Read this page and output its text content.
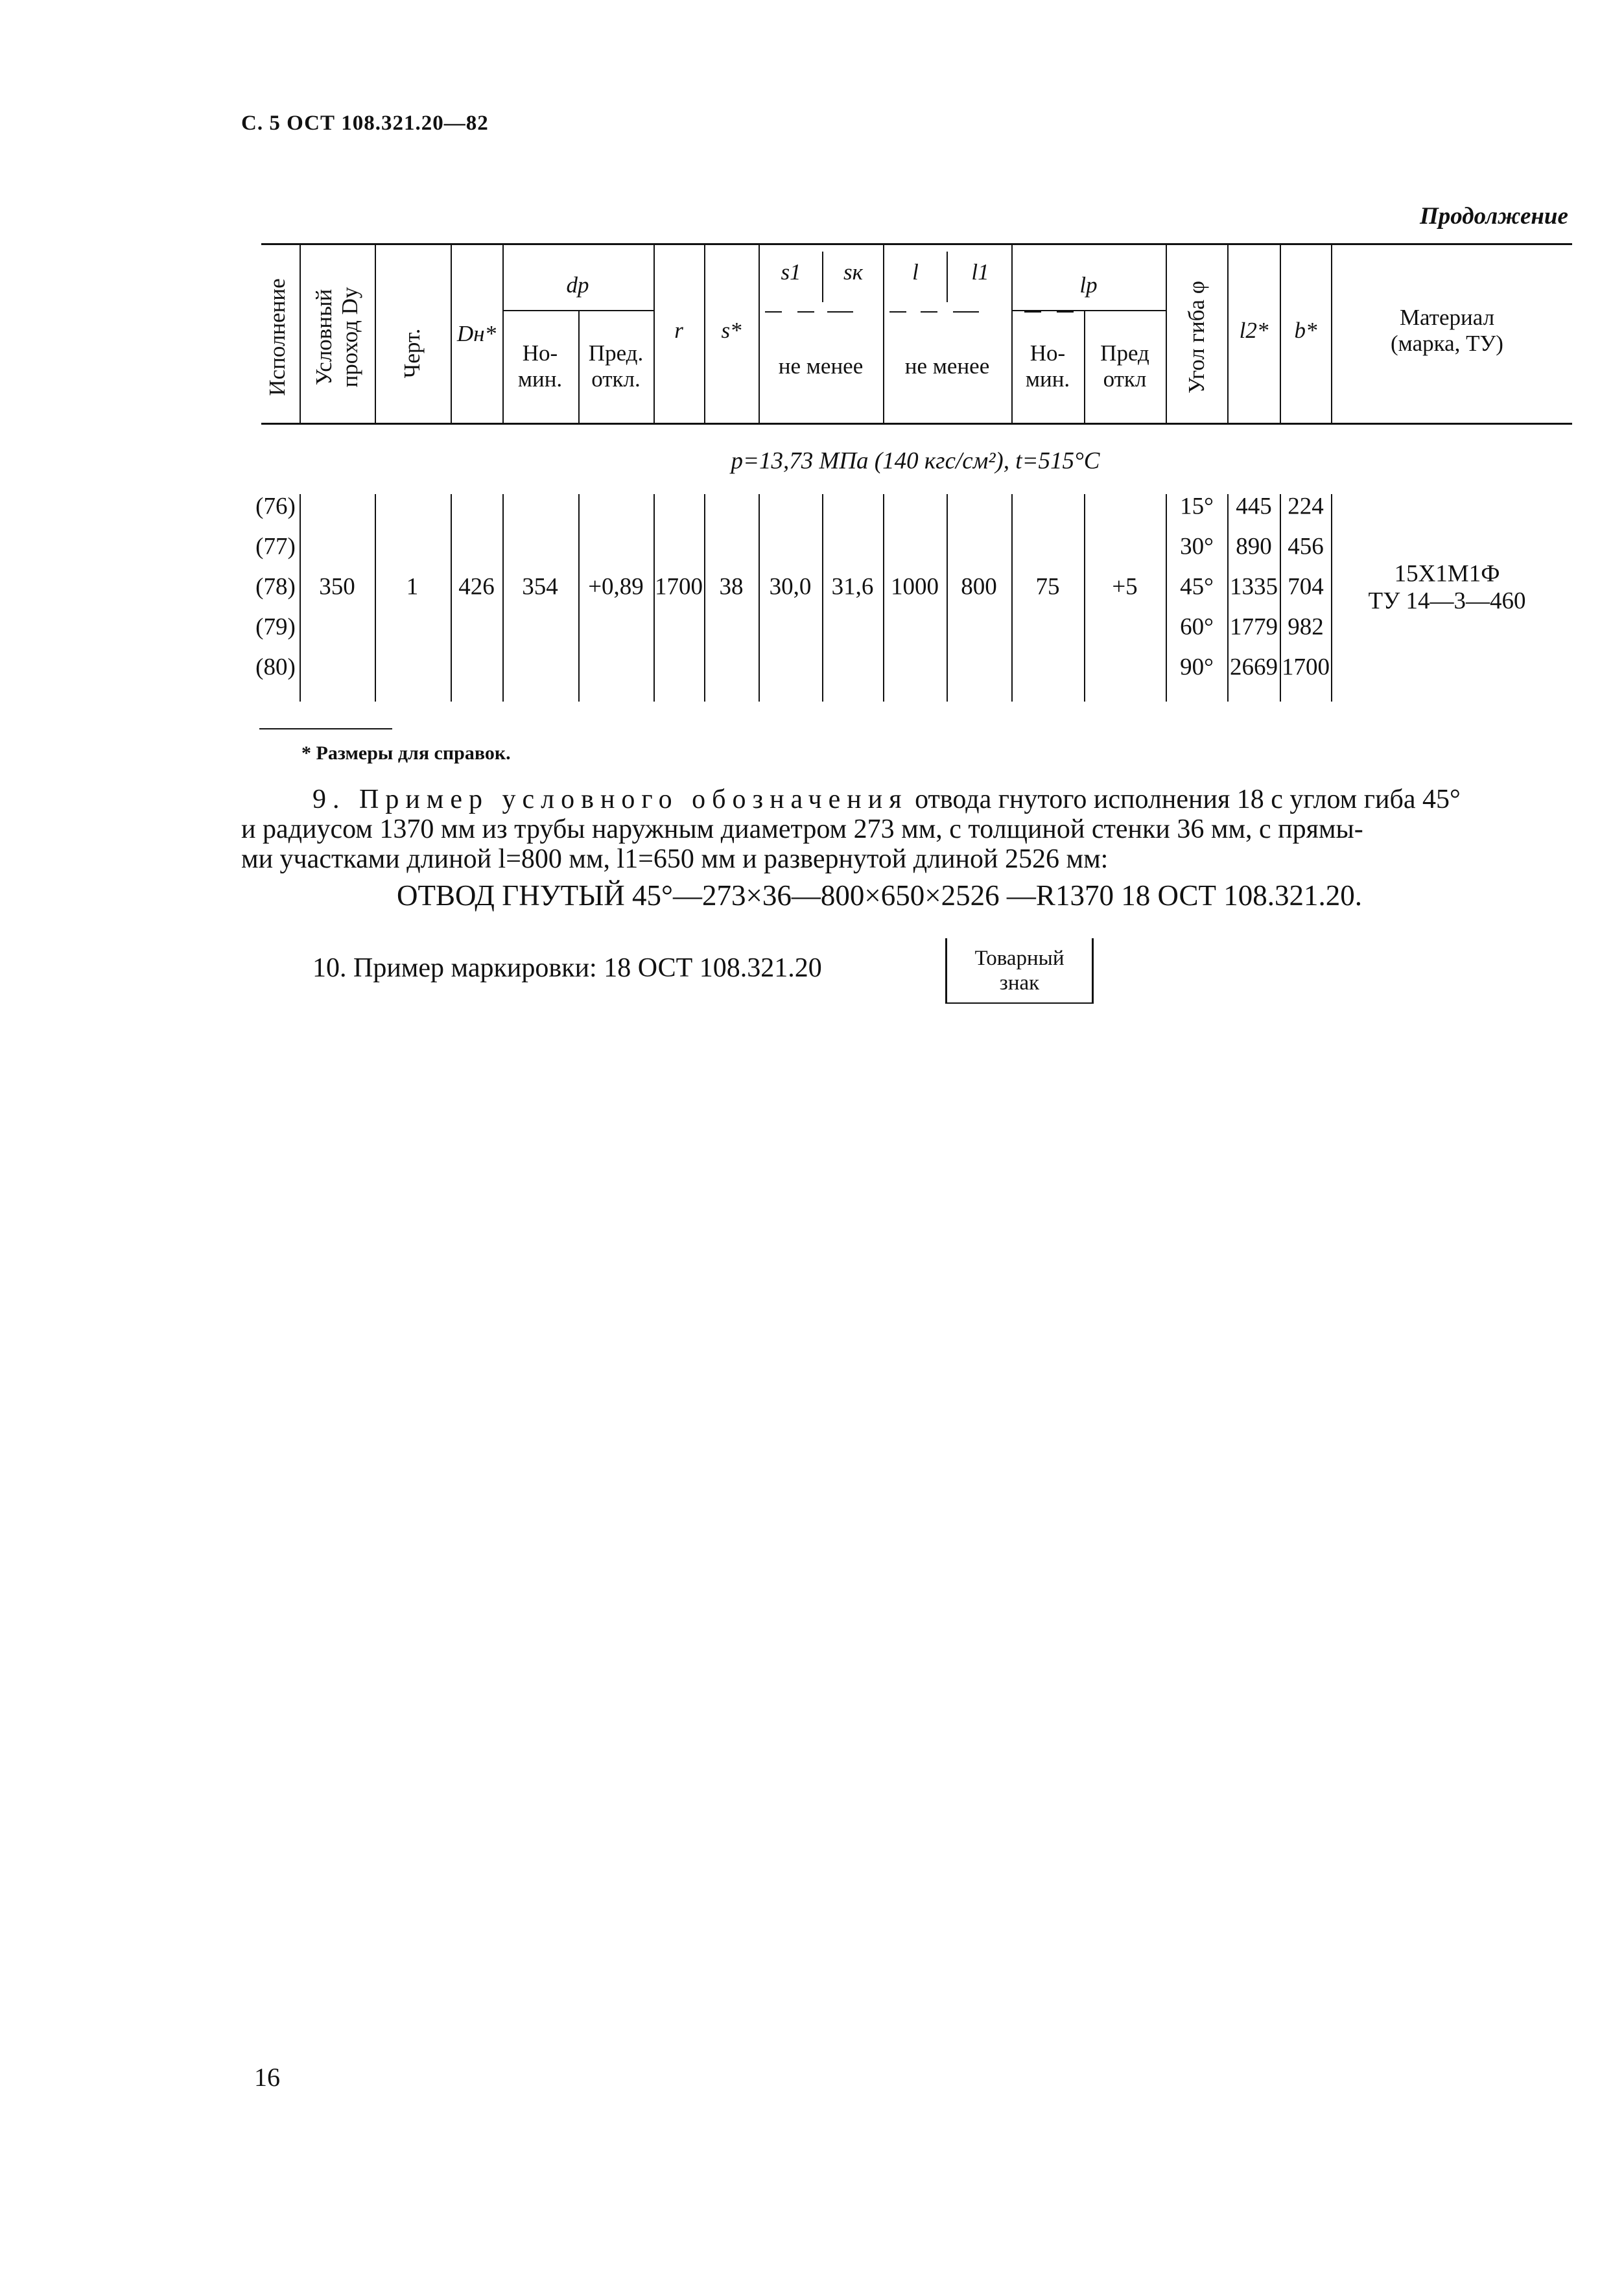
С. 5 ОСТ 108.321.20—82
Продолжение
Исполнение Условный проход Dу Черт. Dн*
dр
Но-
мин.
Пред.
откл.
r s*
s1 sк
не менее
l l1
не менее
lр
Но-
мин.
Пред
откл Угол гиба φ l2* b*
Материал
(марка, ТУ)
p=13,73 МПа (140 кгс/см²), t=515°С
(76)
(77)
(78)
(79)
(80)
350 1 426 354 +0,89 1700 38 30,0 31,6 1000 800 75 +5
15°
30°
45°
60°
90°
445
890
1335
1779
2669
224
456
704
982
1700
15Х1М1Ф
ТУ 14—3—460
* Размеры для справок.
9. Пример условного обозначения отвода гнутого исполнения 18 с углом гиба 45°
и радиусом 1370 мм из трубы наружным диаметром 273 мм, с толщиной стенки 36 мм, с прямы-
ми участками длиной l=800 мм, l1=650 мм и развернутой длиной 2526 мм:
ОТВОД ГНУТЫЙ 45°—273×36—800×650×2526 —R1370 18 ОСТ 108.321.20.
10. Пример маркировки: 18 ОСТ 108.321.20	Товарный
знак
16
